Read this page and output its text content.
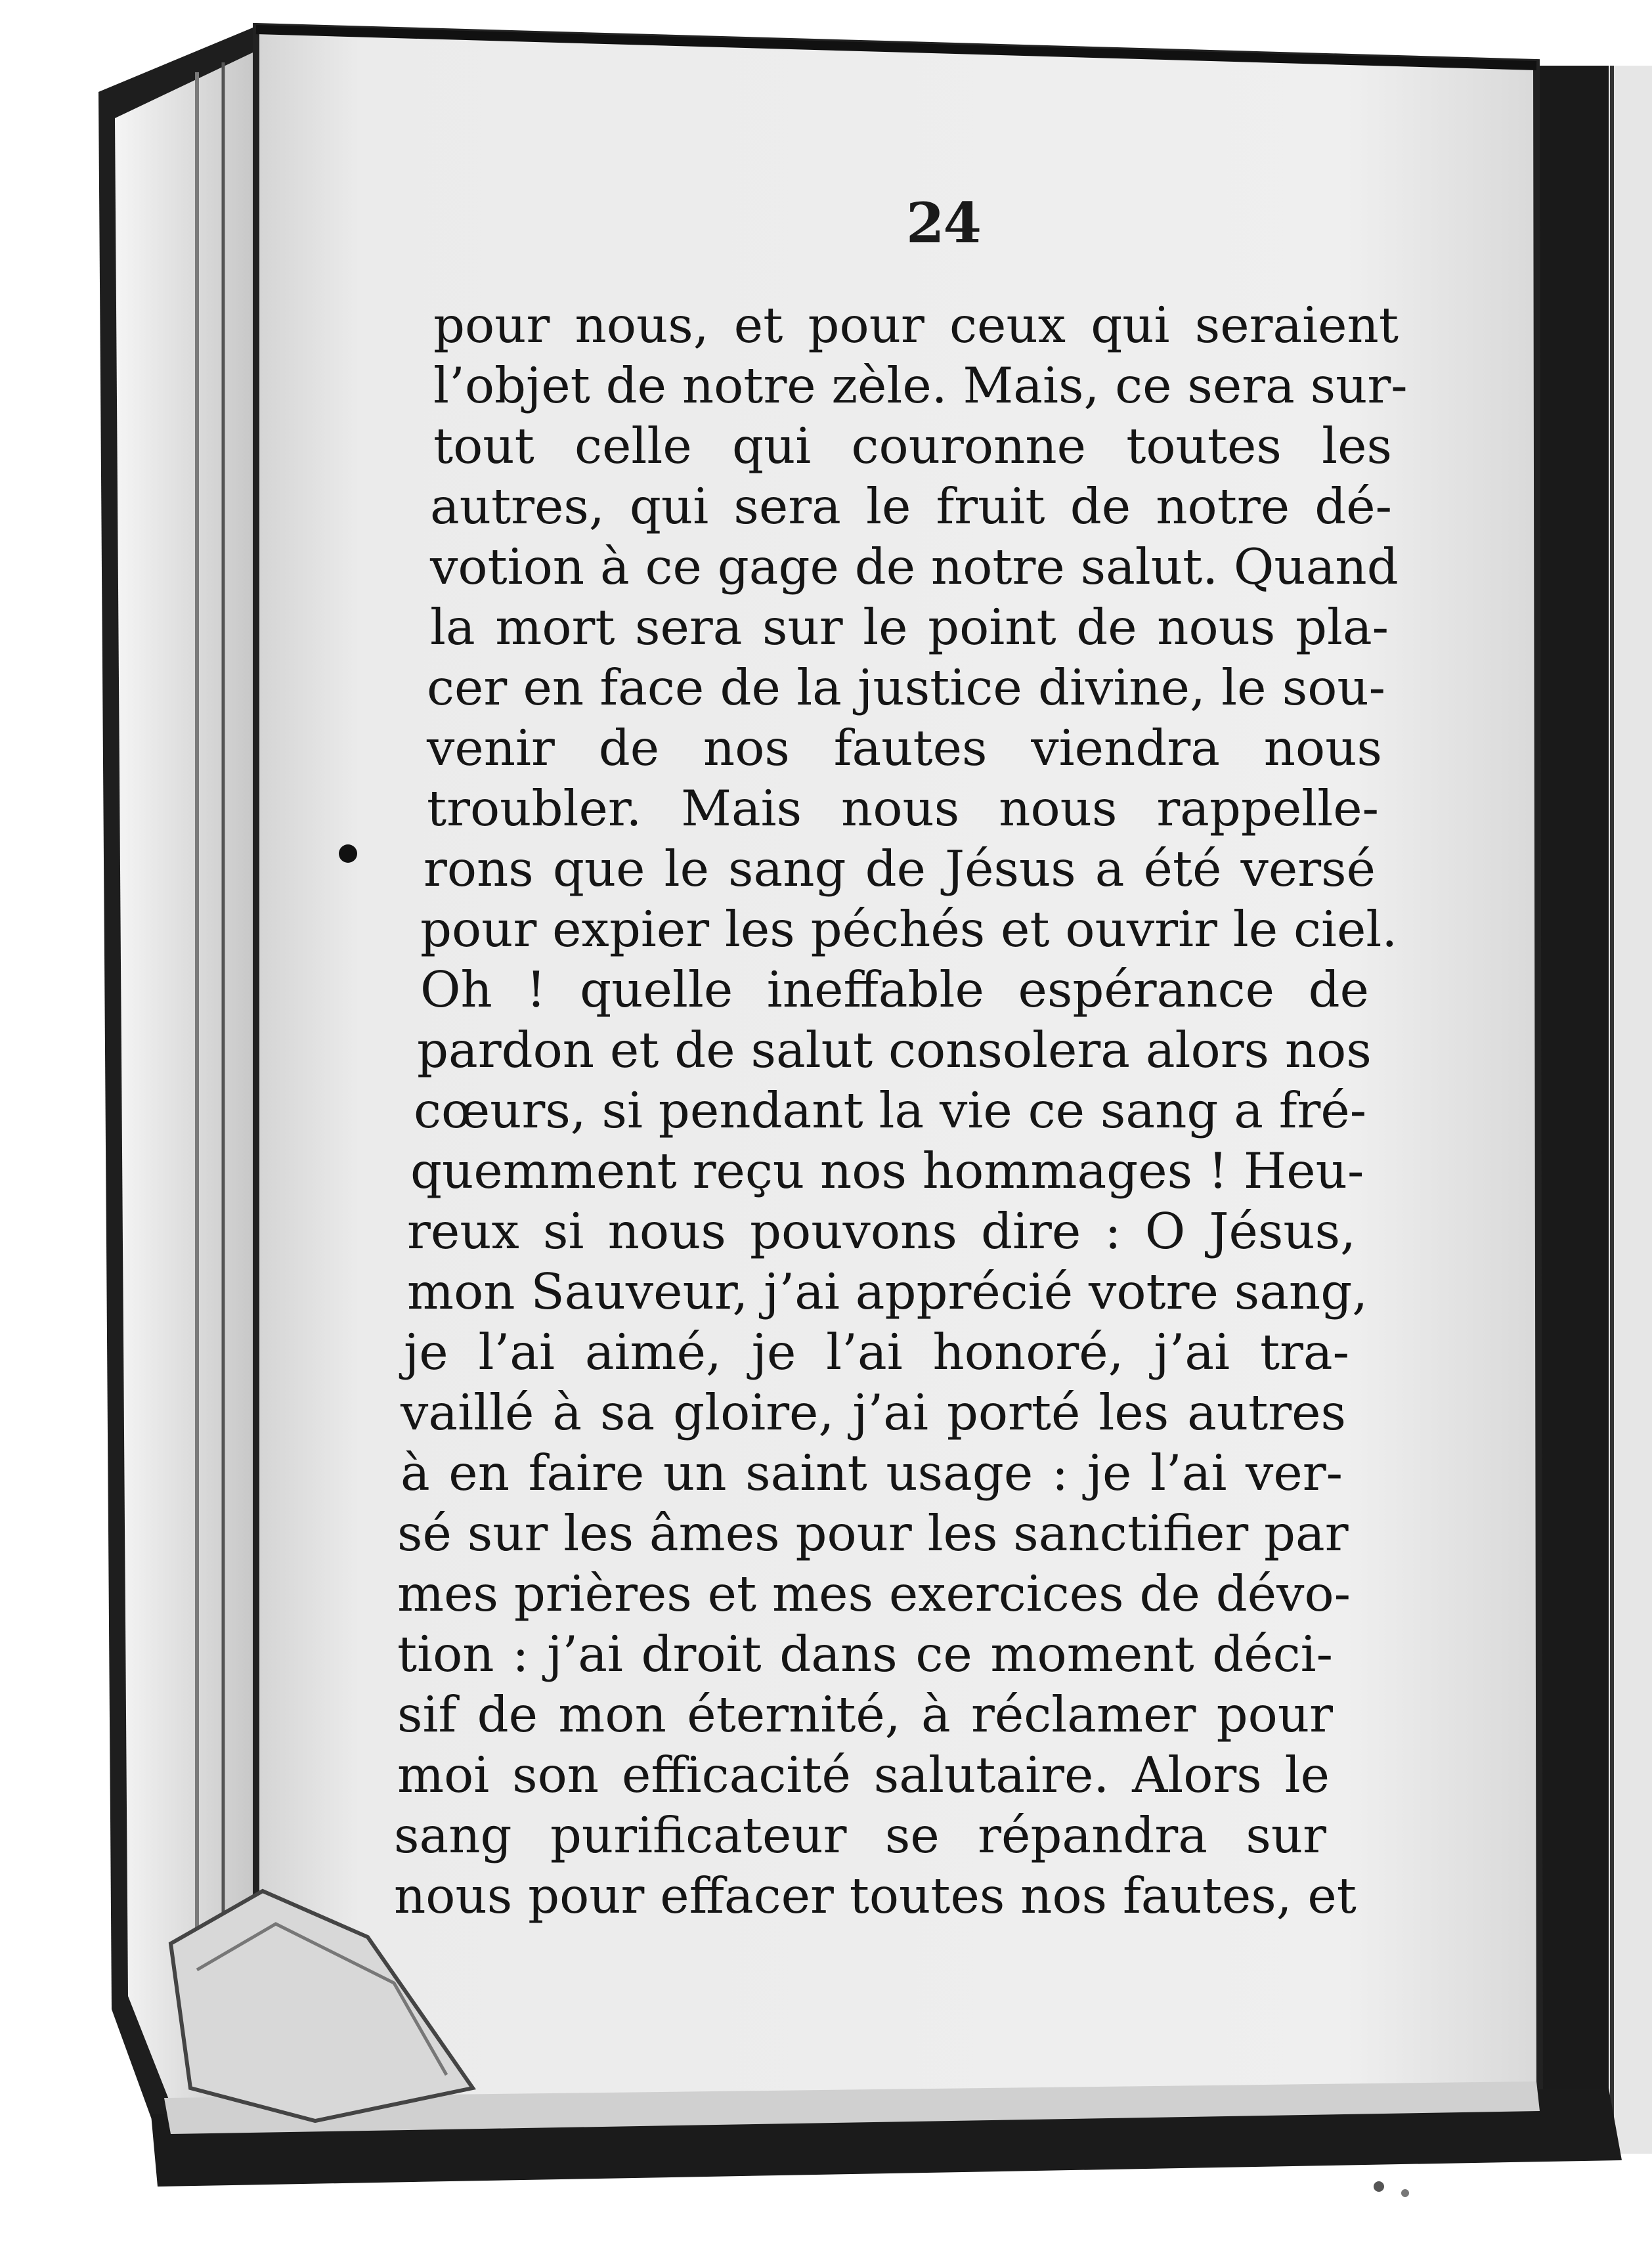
24
pour nous, et pour ceux qui seraient
l’objet de notre zèle. Mais, ce sera sur-
tout celle qui couronne toutes les
autres, qui sera le fruit de notre dé-
votion à ce gage de notre salut. Quand
la mort sera sur le point de nous pla-
cer en face de la justice divine, le sou-
venir de nos fautes viendra nous
troubler. Mais nous nous rappelle-
rons que le sang de Jésus a été versé
pour expier les péchés et ouvrir le ciel.
Oh ! quelle ineffable espérance de
pardon et de salut consolera alors nos
cœurs, si pendant la vie ce sang a fré-
quemment reçu nos hommages ! Heu-
reux si nous pouvons dire : O Jésus,
mon Sauveur, j’ai apprécié votre sang,
je l’ai aimé, je l’ai honoré, j’ai tra-
vaillé à sa gloire, j’ai porté les autres
à en faire un saint usage : je l’ai ver-
sé sur les âmes pour les sanctifier par
mes prières et mes exercices de dévo-
tion : j’ai droit dans ce moment déci-
sif de mon éternité, à réclamer pour
moi son efficacité salutaire. Alors le
sang purificateur se répandra sur
nous pour effacer toutes nos fautes, et
